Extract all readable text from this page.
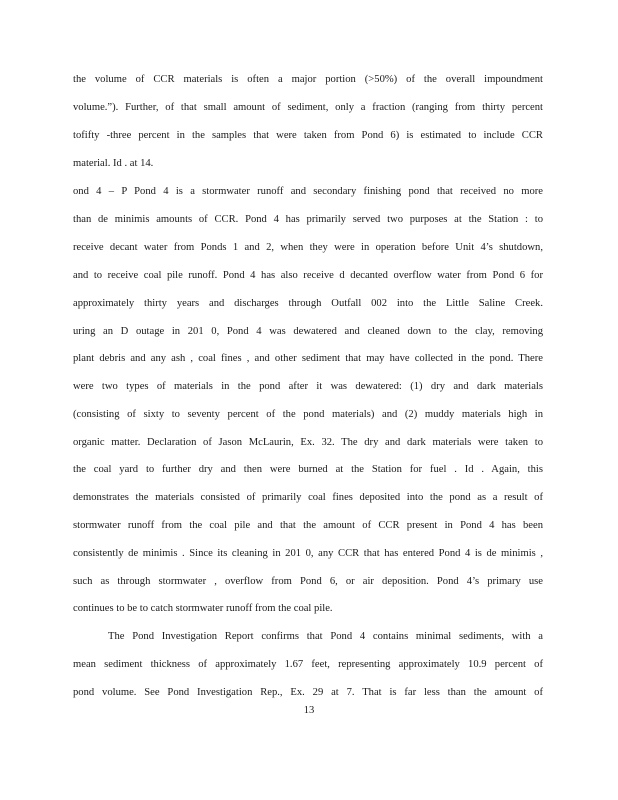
the volume of CCR materials is often a major portion (>50%) of the overall impoundment
volume.”). Further, of that small amount of sediment, only a fraction (ranging from thirty percent
tofifty -three percent in the samples that were taken from Pond 6) is estimated to include CCR
material. Id . at 14.
ond 4 – P Pond 4 is a stormwater runoff and secondary finishing pond that received no more
than de minimis amounts of CCR. Pond 4 has primarily served two purposes at the Station : to
receive decant water from Ponds 1 and 2, when they were in operation before Unit 4’s shutdown,
and to receive coal pile runoff. Pond 4 has also receive d decanted overflow water from Pond 6 for
approximately thirty years and discharges through Outfall 002 into the Little Saline Creek.
uring an D outage in 201 0, Pond 4 was dewatered and cleaned down to the clay, removing
plant debris and any ash , coal fines , and other sediment that may have collected in the pond. There
were two types of materials in the pond after it was dewatered: (1) dry and dark materials
(consisting of sixty to seventy percent of the pond materials) and (2) muddy materials high in
organic matter. Declaration of Jason McLaurin, Ex. 32. The dry and dark materials were taken to
the coal yard to further dry and then were burned at the Station for fuel . Id . Again, this
demonstrates the materials consisted of primarily coal fines deposited into the pond as a result of
stormwater runoff from the coal pile and that the amount of CCR present in Pond 4 has been
consistently de minimis . Since its cleaning in 201 0, any CCR that has entered Pond 4 is de minimis ,
such as through stormwater , overflow from Pond 6, or air deposition. Pond 4’s primary use
continues to be to catch stormwater runoff from the coal pile.
The Pond Investigation Report confirms that Pond 4 contains minimal sediments, with a
mean sediment thickness of approximately 1.67 feet, representing approximately 10.9 percent of
pond volume. See Pond Investigation Rep., Ex. 29 at 7. That is far less than the amount of
13
